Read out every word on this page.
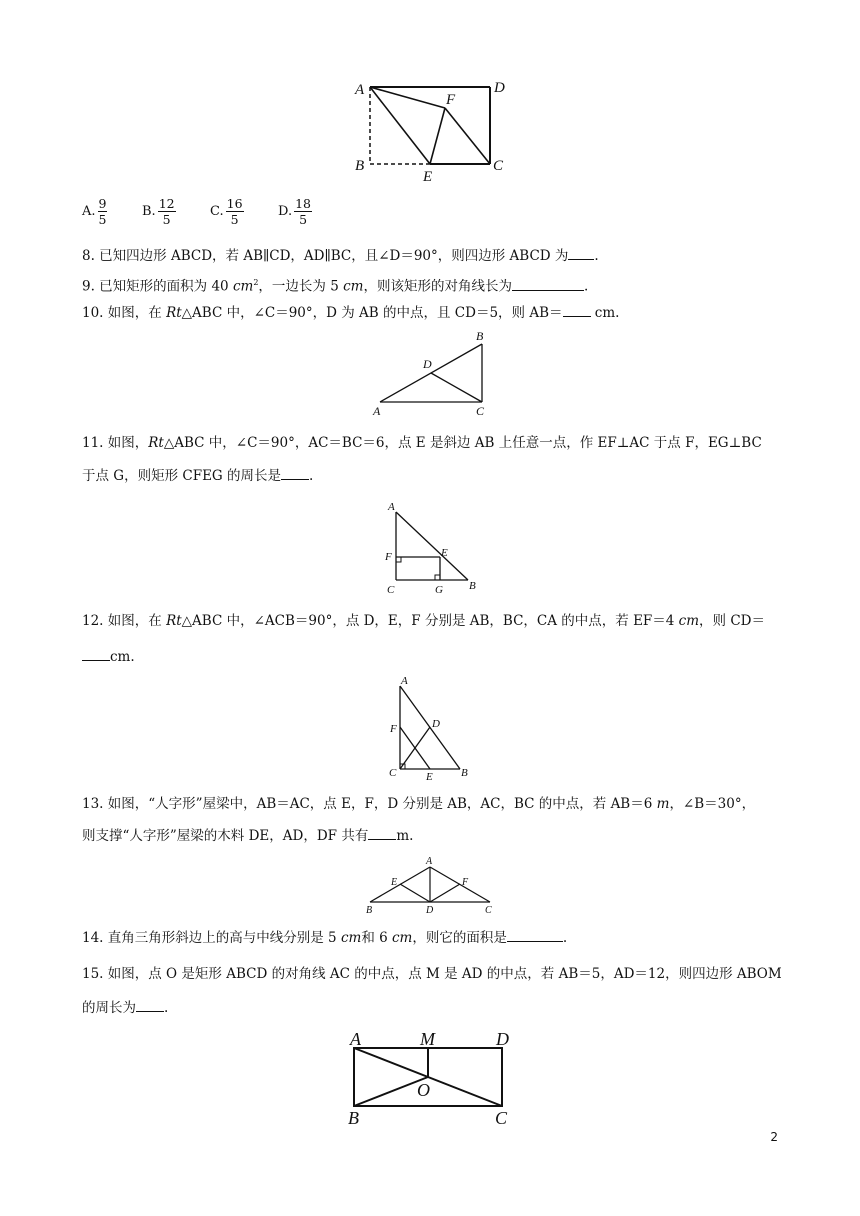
A	D
F
B
E
C
A. $\frac{9}{5}$	B. $\frac{12}{5}$	C. $\frac{16}{5}$	D. $\frac{18}{5}$
8. 已知四边形 ABCD，若 AB∥CD，AD∥BC，且∠D＝90°，则四边形 ABCD 为 .
9. 已知矩形的面积为 40 $cm^2$，一边长为 5 cm，则该矩形的对角线长为	.
10. 如图，在 Rt△ABC 中，∠C＝90°，D 为 AB 的中点，且 CD＝5，则 AB＝ cm.
B
D
A	C
11. 如图，Rt△ABC 中，∠C＝90°，AC＝BC＝6，点 E 是斜边 AB 上任意一点，作 EF⊥AC 于点 F，EG⊥BC
于点 G，则矩形 CFEG 的周长是 .
A
F	E
C	G B
12. 如图，在 Rt△ABC 中，∠ACB＝90°，点 D，E，F 分别是 AB，BC，CA 的中点，若 EF＝4 cm，则 CD＝
cm.
A
D
F
C	E	B
13. 如图，“人字形”屋梁中，AB＝AC，点 E，F，D 分别是 AB，AC，BC 的中点，若 AB＝6 m，∠B＝30°，
则支撑“人字形”屋梁的木料 DE，AD，DF 共有 m.
A
E	F
B	D	C
14. 直角三角形斜边上的高与中线分别是 5 cm和 6 cm，则它的面积是	.
15. 如图，点 O 是矩形 ABCD 的对角线 AC 的中点，点 M 是 AD 的中点，若 AB＝5，AD＝12，则四边形 ABOM
的周长为 .
A	M	D
O
B	C
2
